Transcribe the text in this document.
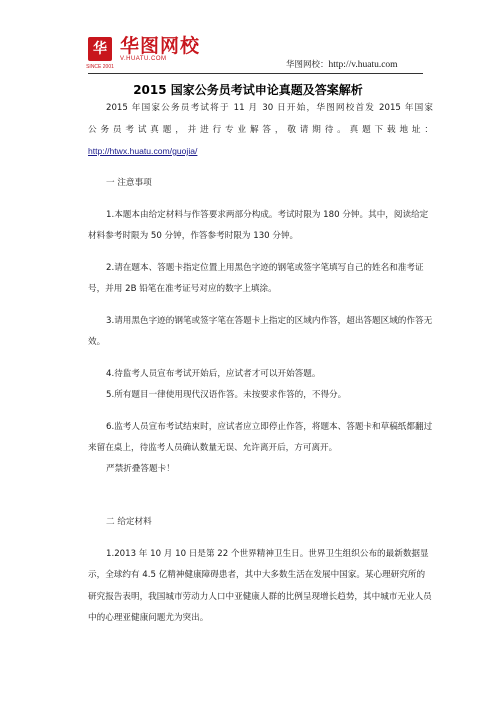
华
SINCE 2001
华图网校
V.HUATU.COM
华图网校：http://v.huatu.com
2015 国家公务员考试申论真题及答案解析

2015 年国家公务员考试将于 11 月 30 日开始，华图网校首发 2015 年国家

公务员考试真题，并进行专业解答，敬请期待。真题下载地址：

http://htwx.huatu.com/guojia/

一 注意事项

1.本题本由给定材料与作答要求两部分构成。考试时限为 180 分钟。其中，阅读给定材料参考时限为 50 分钟，作答参考时限为 130 分钟。

2.请在题本、答题卡指定位置上用黑色字迹的钢笔或签字笔填写自己的姓名和准考证号，并用 2B 铅笔在准考证号对应的数字上填涂。

3.请用黑色字迹的钢笔或签字笔在答题卡上指定的区域内作答，超出答题区域的作答无效。

4.待监考人员宣布考试开始后，应试者才可以开始答题。

5.所有题目一律使用现代汉语作答。未按要求作答的，不得分。

6.监考人员宣布考试结束时，应试者应立即停止作答，将题本、答题卡和草稿纸都翻过来留在桌上，待监考人员确认数量无误、允许离开后，方可离开。

严禁折叠答题卡！

二 给定材料

1.2013 年 10 月 10 日是第 22 个世界精神卫生日。世界卫生组织公布的最新数据显示，全球约有 4.5 亿精神健康障碍患者，其中大多数生活在发展中国家。某心理研究所的研究报告表明，我国城市劳动力人口中亚健康人群的比例呈现增长趋势，其中城市无业人员中的心理亚健康问题尤为突出。
